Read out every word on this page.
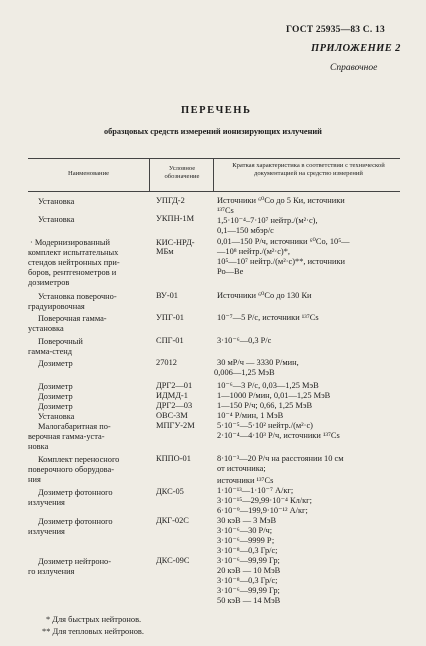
ГОСТ 25935—83 С. 13
ПРИЛОЖЕНИЕ 2
Справочное
ПЕРЕЧЕНЬ
образцовых средств измерений ионизирующих излучений
Наименование
Условное обозначение
Краткая характеристика в соответствии с технической документацией на средство измерений
Установка
Установка
· Модернизированный
комплект испытательных
стендов нейтронных при-
боров, рентгенометров и
дозиметров
Установка поверочно-
градуировочная
Поверочная гамма-
установка
Поверочный
гамма-стенд
Дозиметр
Дозиметр
Дозиметр
Дозиметр
Установка
Малогабаритная по-
верочная гамма-уста-
новка
Комплект переносного
поверочного оборудова-
ния
Дозиметр фотонного
излучения
Дозиметр фотонного
излучения
Дозиметр нейтроно-
го излучения
УПГД-2
УКПН-1М
КИС-НРД-МБм
ВУ-01
УПГ-01
СПГ-01
27012
ДРГ2—01
ИДМД-1
ДРГ2—03
ОВС-3М
МПГУ-2М
КППО-01
ДКС-05
ДКГ-02С
ДКС-09С
Источники ⁶⁰Со до 5 Ки, источники
¹³⁷Cs
1,5·10⁻⁴–7·10⁷ нейтр./(м²·с),
0,1—150 мбэр/с
0,01—150 Р/ч, источники ⁶⁰Со, 10⁵—
—10⁸ нейтр./(м²·с)*,
10⁵—10⁷ нейтр./(м²·с)**, источники
Ро—Ве
Источники ⁶⁰Со до 130 Ки
10⁻⁷—5 Р/с, источники ¹³⁷Cs
3·10⁻⁶—0,3 Р/с
30 мР/ч — 3330 Р/мин,
0,006—1,25 МэВ
10⁻⁶—3 Р/с, 0,03—1,25 МэВ
1—1000 Р/мин, 0,01—1,25 МэВ
1—150 Р/ч; 0,66, 1,25 МэВ
10⁻⁴ Р/мин, 1 МэВ
5·10⁻⁵—5·10² нейтр./(м²·с)
2·10⁻⁴—4·10³ Р/ч, источники ¹³⁷Cs
8·10⁻³—20 Р/ч на расстоянии 10 см
от источника;
источники ¹³⁷Cs
1·10⁻¹³—1·10⁻⁷ А/кг;
3·10⁻¹⁵—29,99·10⁻⁴ Кл/кг;
6·10⁻⁹—199,9·10⁻¹² А/кг;
30 кэВ — 3 МэВ
3·10⁻⁶—30 Р/ч;
3·10⁻⁶—9999 Р;
3·10⁻⁸—0,3 Гр/с;
3·10⁻⁶—99,99 Гр;
20 кэВ — 10 МэВ
3·10⁻⁸—0,3 Гр/с;
3·10⁻⁶—99,99 Гр;
50 кэВ — 14 МэВ
* Для быстрых нейтронов.
** Для тепловых нейтронов.
